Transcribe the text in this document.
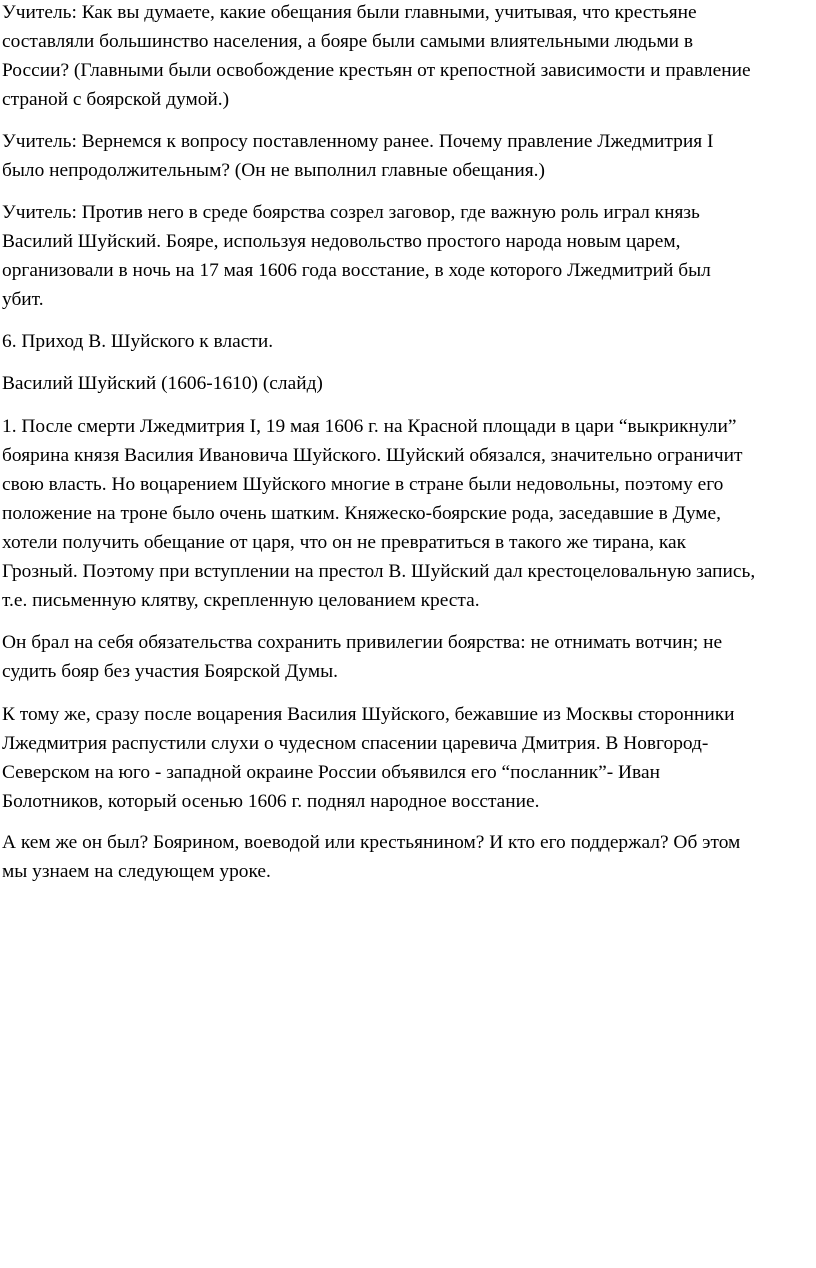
Учитель: Как вы думаете, какие обещания были главными, учитывая, что крестьяне
составляли большинство населения, а бояре были самыми влиятельными людьми в
России? (Главными были освобождение крестьян от крепостной зависимости и правление
страной с боярской думой.)

Учитель: Вернемся к вопросу поставленному ранее. Почему правление Лжедмитрия I
было непродолжительным? (Он не выполнил главные обещания.)

Учитель: Против него в среде боярства созрел заговор, где важную роль играл князь
Василий Шуйский. Бояре, используя недовольство простого народа новым царем,
организовали в ночь на 17 мая 1606 года восстание, в ходе которого Лжедмитрий был
убит.

6. Приход В. Шуйского к власти.

Василий Шуйский (1606-1610) (слайд)

1. После смерти Лжедмитрия I, 19 мая 1606 г. на Красной площади в цари “выкрикнули”
боярина князя Василия Ивановича Шуйского. Шуйский обязался, значительно ограничит
свою власть. Но воцарением Шуйского многие в стране были недовольны, поэтому его
положение на троне было очень шатким. Княжеско-боярские рода, заседавшие в Думе,
хотели получить обещание от царя, что он не превратиться в такого же тирана, как
Грозный. Поэтому при вступлении на престол В. Шуйский дал крестоцеловальную запись,
т.е. письменную клятву, скрепленную целованием креста.

Он брал на себя обязательства сохранить привилегии боярства: не отнимать вотчин; не
судить бояр без участия Боярской Думы.

К тому же, сразу после воцарения Василия Шуйского, бежавшие из Москвы сторонники
Лжедмитрия распустили слухи о чудесном спасении царевича Дмитрия. В Новгород-
Северском на юго - западной окраине России объявился его “посланник”- Иван
Болотников, который осенью 1606 г. поднял народное восстание.

А кем же он был? Боярином, воеводой или крестьянином? И кто его поддержал? Об этом
мы узнаем на следующем уроке.
